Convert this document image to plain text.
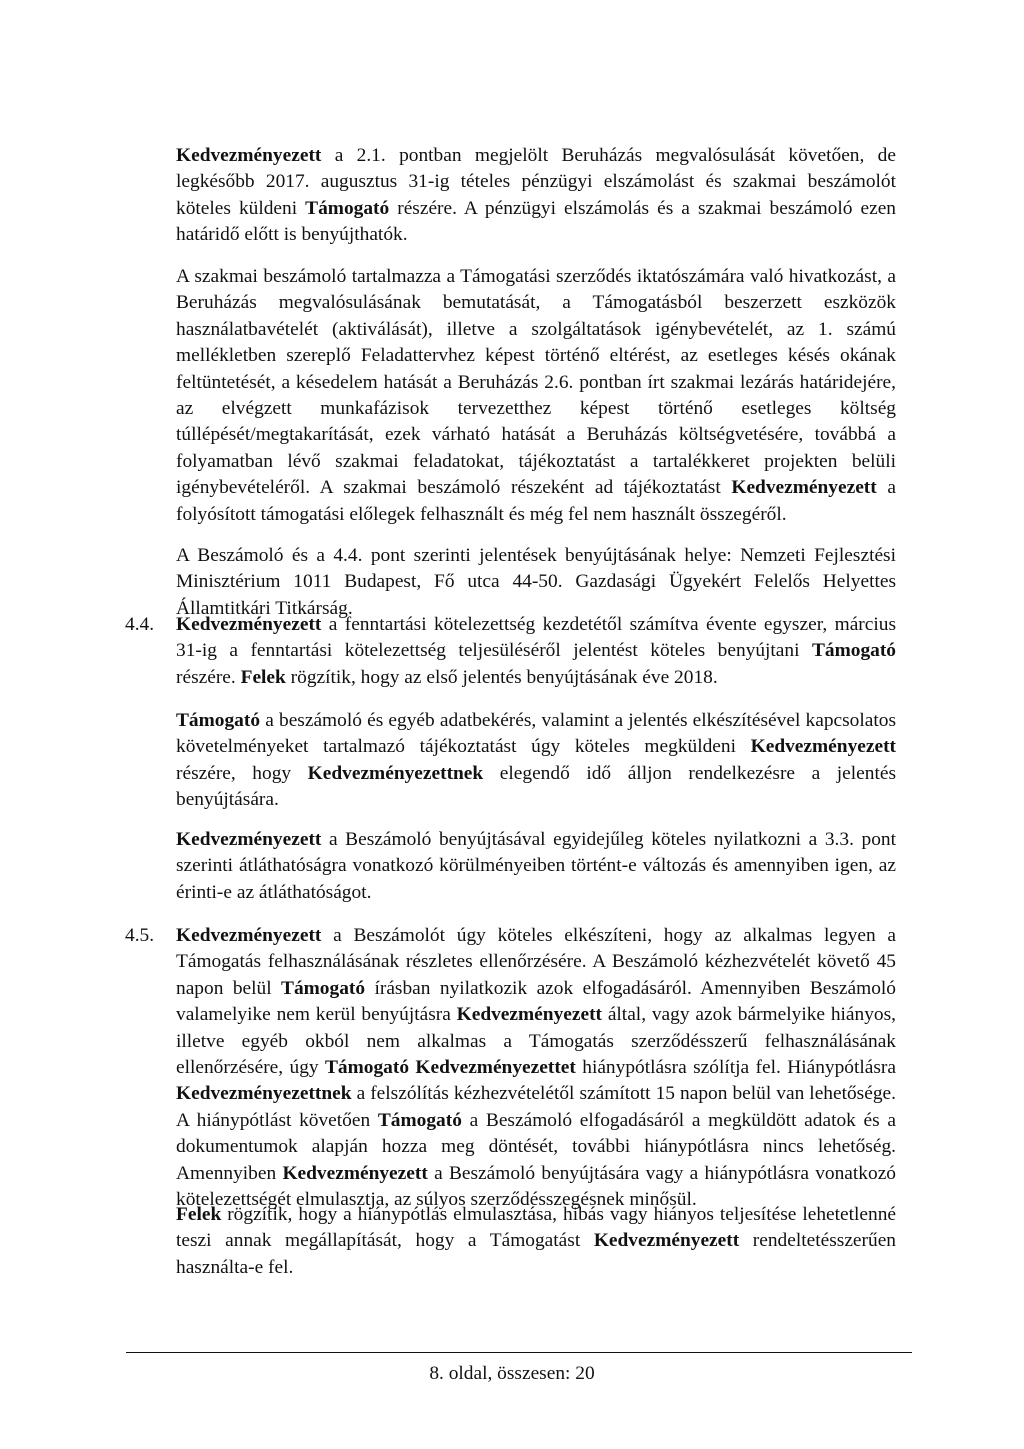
Kedvezményezett a 2.1. pontban megjelölt Beruházás megvalósulását követően, de legkésőbb 2017. augusztus 31-ig tételes pénzügyi elszámolást és szakmai beszámolót köteles küldeni Támogató részére. A pénzügyi elszámolás és a szakmai beszámoló ezen határidő előtt is benyújthatók.

A szakmai beszámoló tartalmazza a Támogatási szerződés iktatószámára való hivatkozást, a Beruházás megvalósulásának bemutatását, a Támogatásból beszerzett eszközök használatbavételét (aktiválását), illetve a szolgáltatások igénybevételét, az 1. számú mellékletben szereplő Feladattervhez képest történő eltérést, az esetleges késés okának feltüntetését, a késedelem hatását a Beruházás 2.6. pontban írt szakmai lezárás határidejére, az elvégzett munkafázisok tervezetthez képest történő esetleges költség túllépését/megtakarítását, ezek várható hatását a Beruházás költségvetésére, továbbá a folyamatban lévő szakmai feladatokat, tájékoztatást a tartalékkeret projekten belüli igénybevételéről. A szakmai beszámoló részeként ad tájékoztatást Kedvezményezett a folyósított támogatási előlegek felhasznált és még fel nem használt összegéről.

A Beszámoló és a 4.4. pont szerinti jelentések benyújtásának helye: Nemzeti Fejlesztési Minisztérium 1011 Budapest, Fő utca 44-50. Gazdasági Ügyekért Felelős Helyettes Államtitkári Titkárság.

4.4. Kedvezményezett a fenntartási kötelezettség kezdetétől számítva évente egyszer, március 31-ig a fenntartási kötelezettség teljesüléséről jelentést köteles benyújtani Támogató részére. Felek rögzítik, hogy az első jelentés benyújtásának éve 2018.

Támogató a beszámoló és egyéb adatbekérés, valamint a jelentés elkészítésével kapcsolatos követelményeket tartalmazó tájékoztatást úgy köteles megküldeni Kedvezményezett részére, hogy Kedvezményezettnek elegendő idő álljon rendelkezésre a jelentés benyújtására.

Kedvezményezett a Beszámoló benyújtásával egyidejűleg köteles nyilatkozni a 3.3. pont szerinti átláthatóságra vonatkozó körülményeiben történt-e változás és amennyiben igen, az érinti-e az átláthatóságot.

4.5. Kedvezményezett a Beszámolót úgy köteles elkészíteni, hogy az alkalmas legyen a Támogatás felhasználásának részletes ellenőrzésére. A Beszámoló kézhezvételét követő 45 napon belül Támogató írásban nyilatkozik azok elfogadásáról. Amennyiben Beszámoló valamelyike nem kerül benyújtásra Kedvezményezett által, vagy azok bármelyike hiányos, illetve egyéb okból nem alkalmas a Támogatás szerződésszerű felhasználásának ellenőrzésére, úgy Támogató Kedvezményezettet hiánypótlásra szólítja fel. Hiánypótlásra Kedvezményezettnek a felszólítás kézhezvételétől számított 15 napon belül van lehetősége. A hiánypótlást követően Támogató a Beszámoló elfogadásáról a megküldött adatok és a dokumentumok alapján hozza meg döntését, további hiánypótlásra nincs lehetőség. Amennyiben Kedvezményezett a Beszámoló benyújtására vagy a hiánypótlásra vonatkozó kötelezettségét elmulasztja, az súlyos szerződésszegésnek minősül.

Felek rögzítik, hogy a hiánypótlás elmulasztása, hibás vagy hiányos teljesítése lehetetlenné teszi annak megállapítását, hogy a Támogatást Kedvezményezett rendeltetésszerűen használta-e fel.

8. oldal, összesen: 20
